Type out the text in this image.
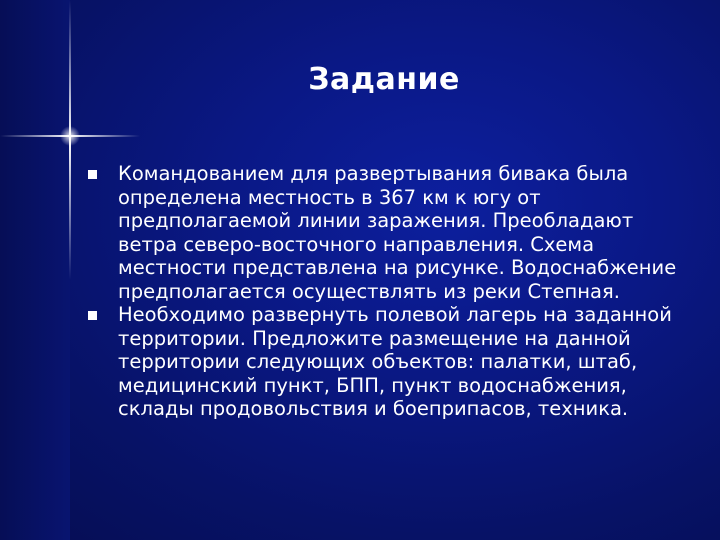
Задание
Командованием для развертывания бивака была определена местность в 367 км к югу от предполагаемой линии заражения. Преобладают ветра северо-восточного направления. Схема местности представлена на рисунке. Водоснабжение предполагается осуществлять из реки Степная.
Необходимо развернуть полевой лагерь на заданной территории. Предложите размещение на данной территории следующих объектов: палатки, штаб, медицинский пункт, БПП, пункт водоснабжения, склады продовольствия и боеприпасов, техника.
